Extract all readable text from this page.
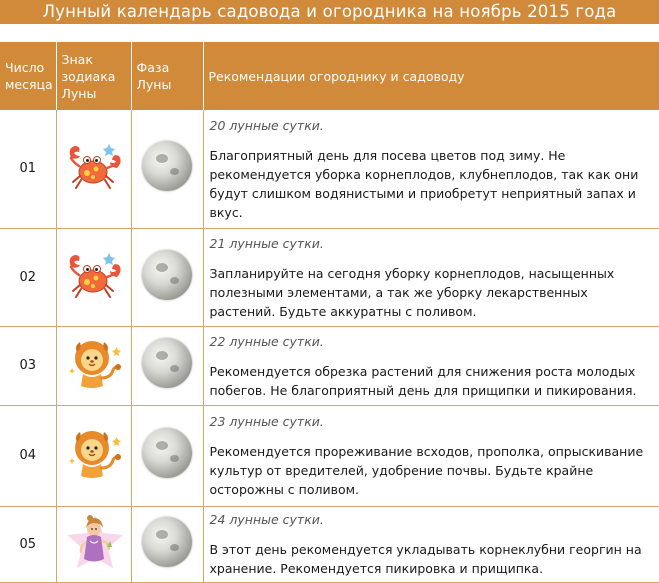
Лунный календарь садовода и огородника на ноябрь 2015 года
Число месяца	Знак зодиака Луны	Фаза Луны	Рекомендации огороднику и садоводу
01			20 лунные сутки.

Благоприятный день для посева цветов под зиму. Не рекомендуется уборка корнеплодов, клубнеплодов, так как они будут слишком водянистыми и приобретут неприятный запах и вкус.

02			21 лунные сутки.

Запланируйте на сегодня уборку корнеплодов, насыщенных полезными элементами, а так же уборку лекарственных растений. Будьте аккуратны с поливом.

03			22 лунные сутки.

Рекомендуется обрезка растений для снижения роста молодых побегов. Не благоприятный день для прищипки и пикирования.

04			23 лунные сутки.

Рекомендуется прореживание всходов, прополка, опрыскивание культур от вредителей, удобрение почвы. Будьте крайне осторожны с поливом.

05			24 лунные сутки.

В этот день рекомендуется укладывать корнеклубни георгин на хранение. Рекомендуется пикировка и прищипка.
